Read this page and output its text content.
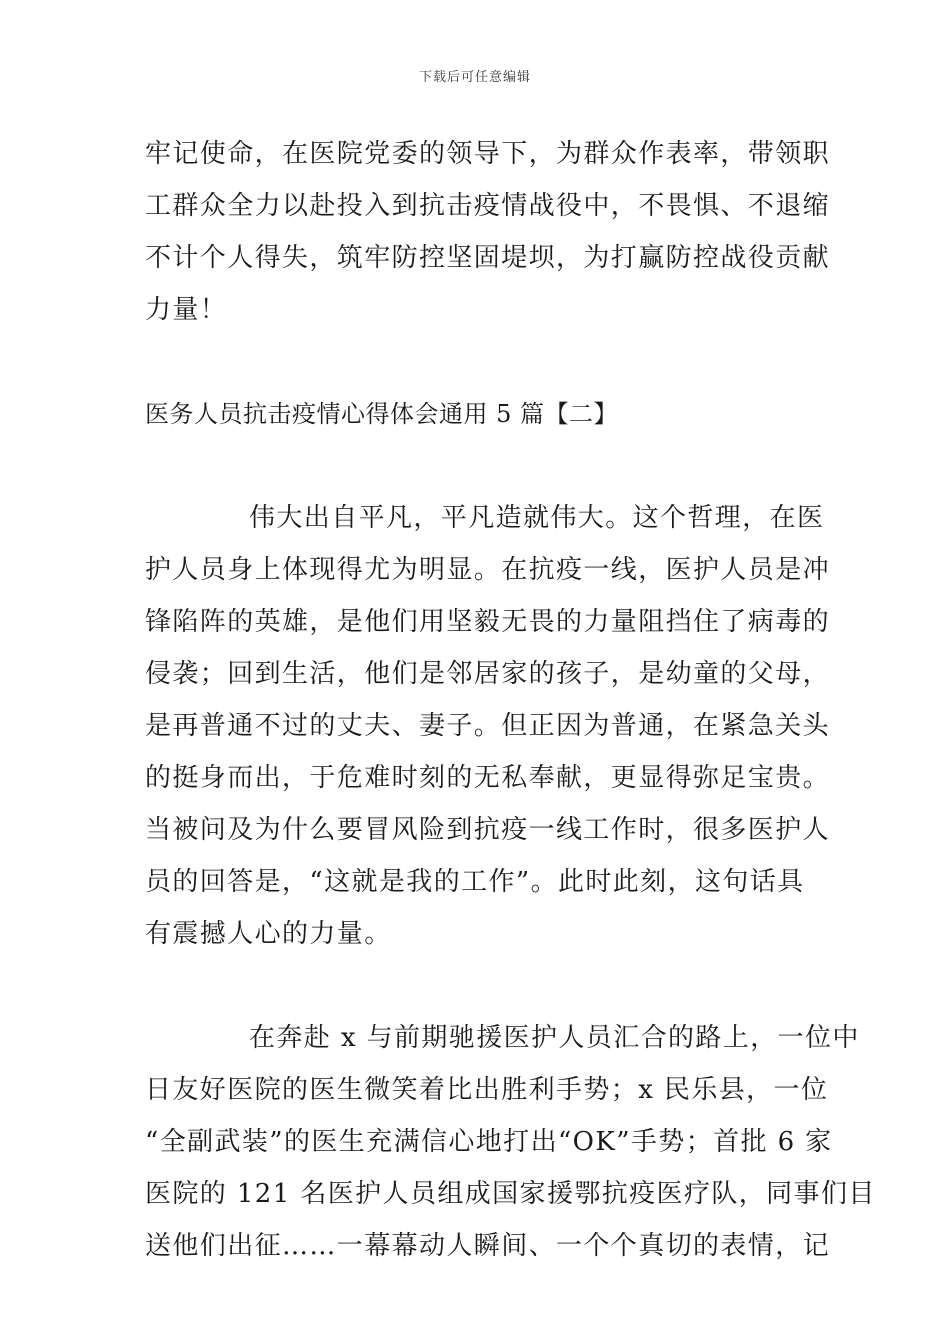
下载后可任意编辑
牢记使命，在医院党委的领导下，为群众作表率，带领职
工群众全力以赴投入到抗击疫情战役中，不畏惧、不退缩
不计个人得失，筑牢防控坚固堤坝，为打赢防控战役贡献
力量！
医务人员抗击疫情心得体会通用 5 篇【二】
伟大出自平凡，平凡造就伟大。这个哲理，在医
护人员身上体现得尤为明显。在抗疫一线，医护人员是冲
锋陷阵的英雄，是他们用坚毅无畏的力量阻挡住了病毒的
侵袭；回到生活，他们是邻居家的孩子，是幼童的父母，
是再普通不过的丈夫、妻子。但正因为普通，在紧急关头
的挺身而出，于危难时刻的无私奉献，更显得弥足宝贵。
当被问及为什么要冒风险到抗疫一线工作时，很多医护人
员的回答是，“这就是我的工作”。此时此刻，这句话具
有震撼人心的力量。
在奔赴 x 与前期驰援医护人员汇合的路上，一位中
日友好医院的医生微笑着比出胜利手势；x 民乐县，一位
“全副武装”的医生充满信心地打出“OK”手势；首批 6 家
医院的 121 名医护人员组成国家援鄂抗疫医疗队，同事们目
送他们出征……一幕幕动人瞬间、一个个真切的表情，记
